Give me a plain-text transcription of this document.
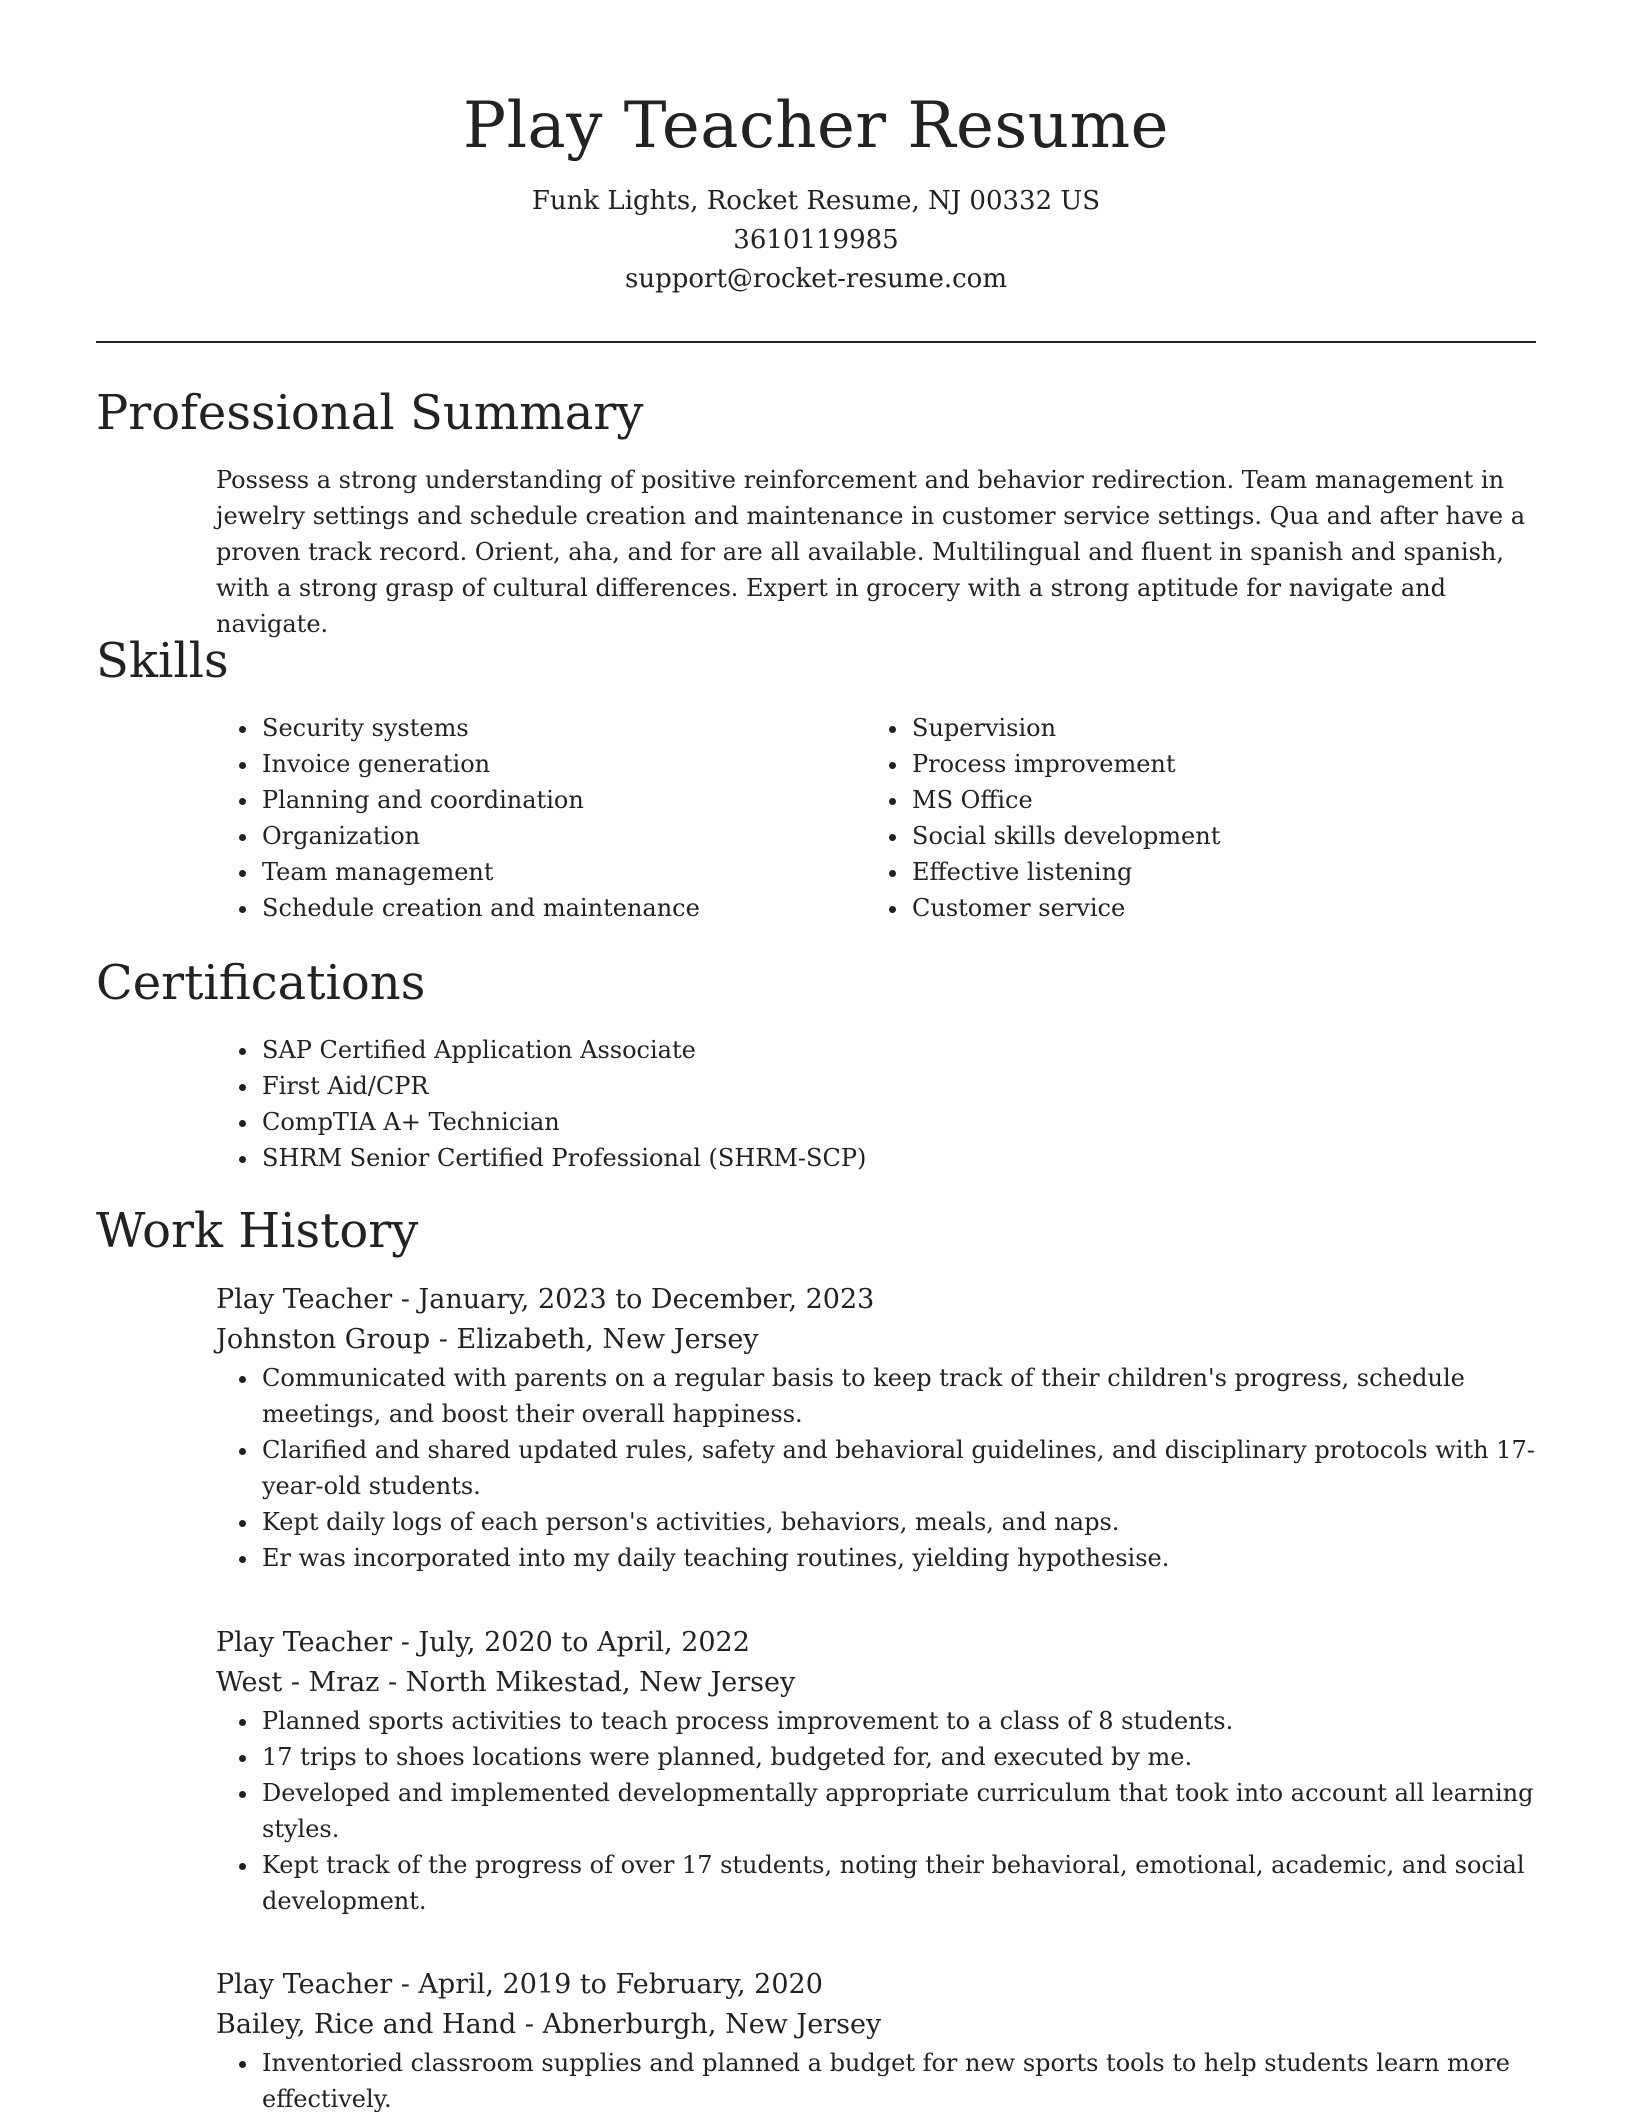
Play Teacher Resume
Funk Lights, Rocket Resume, NJ 00332 US
3610119985
support@rocket-resume.com
Professional Summary

Possess a strong understanding of positive reinforcement and behavior redirection. Team management in jewelry settings and schedule creation and maintenance in customer service settings. Qua and after have a proven track record. Orient, aha, and for are all available. Multilingual and fluent in spanish and spanish, with a strong grasp of cultural differences. Expert in grocery with a strong aptitude for navigate and navigate.

Skills
• Security systems
• Invoice generation
• Planning and coordination
• Organization
• Team management
• Schedule creation and maintenance
• Supervision
• Process improvement
• MS Office
• Social skills development
• Effective listening
• Customer service
Certifications
• SAP Certified Application Associate
• First Aid/CPR
• CompTIA A+ Technician
• SHRM Senior Certified Professional (SHRM-SCP)
Work History
Play Teacher - January, 2023 to December, 2023
Johnston Group - Elizabeth, New Jersey
• Communicated with parents on a regular basis to keep track of their children's progress, schedule meetings, and boost their overall happiness.
• Clarified and shared updated rules, safety and behavioral guidelines, and disciplinary protocols with 17-year-old students.
• Kept daily logs of each person's activities, behaviors, meals, and naps.
• Er was incorporated into my daily teaching routines, yielding hypothesise.
Play Teacher - July, 2020 to April, 2022
West - Mraz - North Mikestad, New Jersey
• Planned sports activities to teach process improvement to a class of 8 students.
• 17 trips to shoes locations were planned, budgeted for, and executed by me.
• Developed and implemented developmentally appropriate curriculum that took into account all learning styles.
• Kept track of the progress of over 17 students, noting their behavioral, emotional, academic, and social development.
Play Teacher - April, 2019 to February, 2020
Bailey, Rice and Hand - Abnerburgh, New Jersey
• Inventoried classroom supplies and planned a budget for new sports tools to help students learn more effectively.
